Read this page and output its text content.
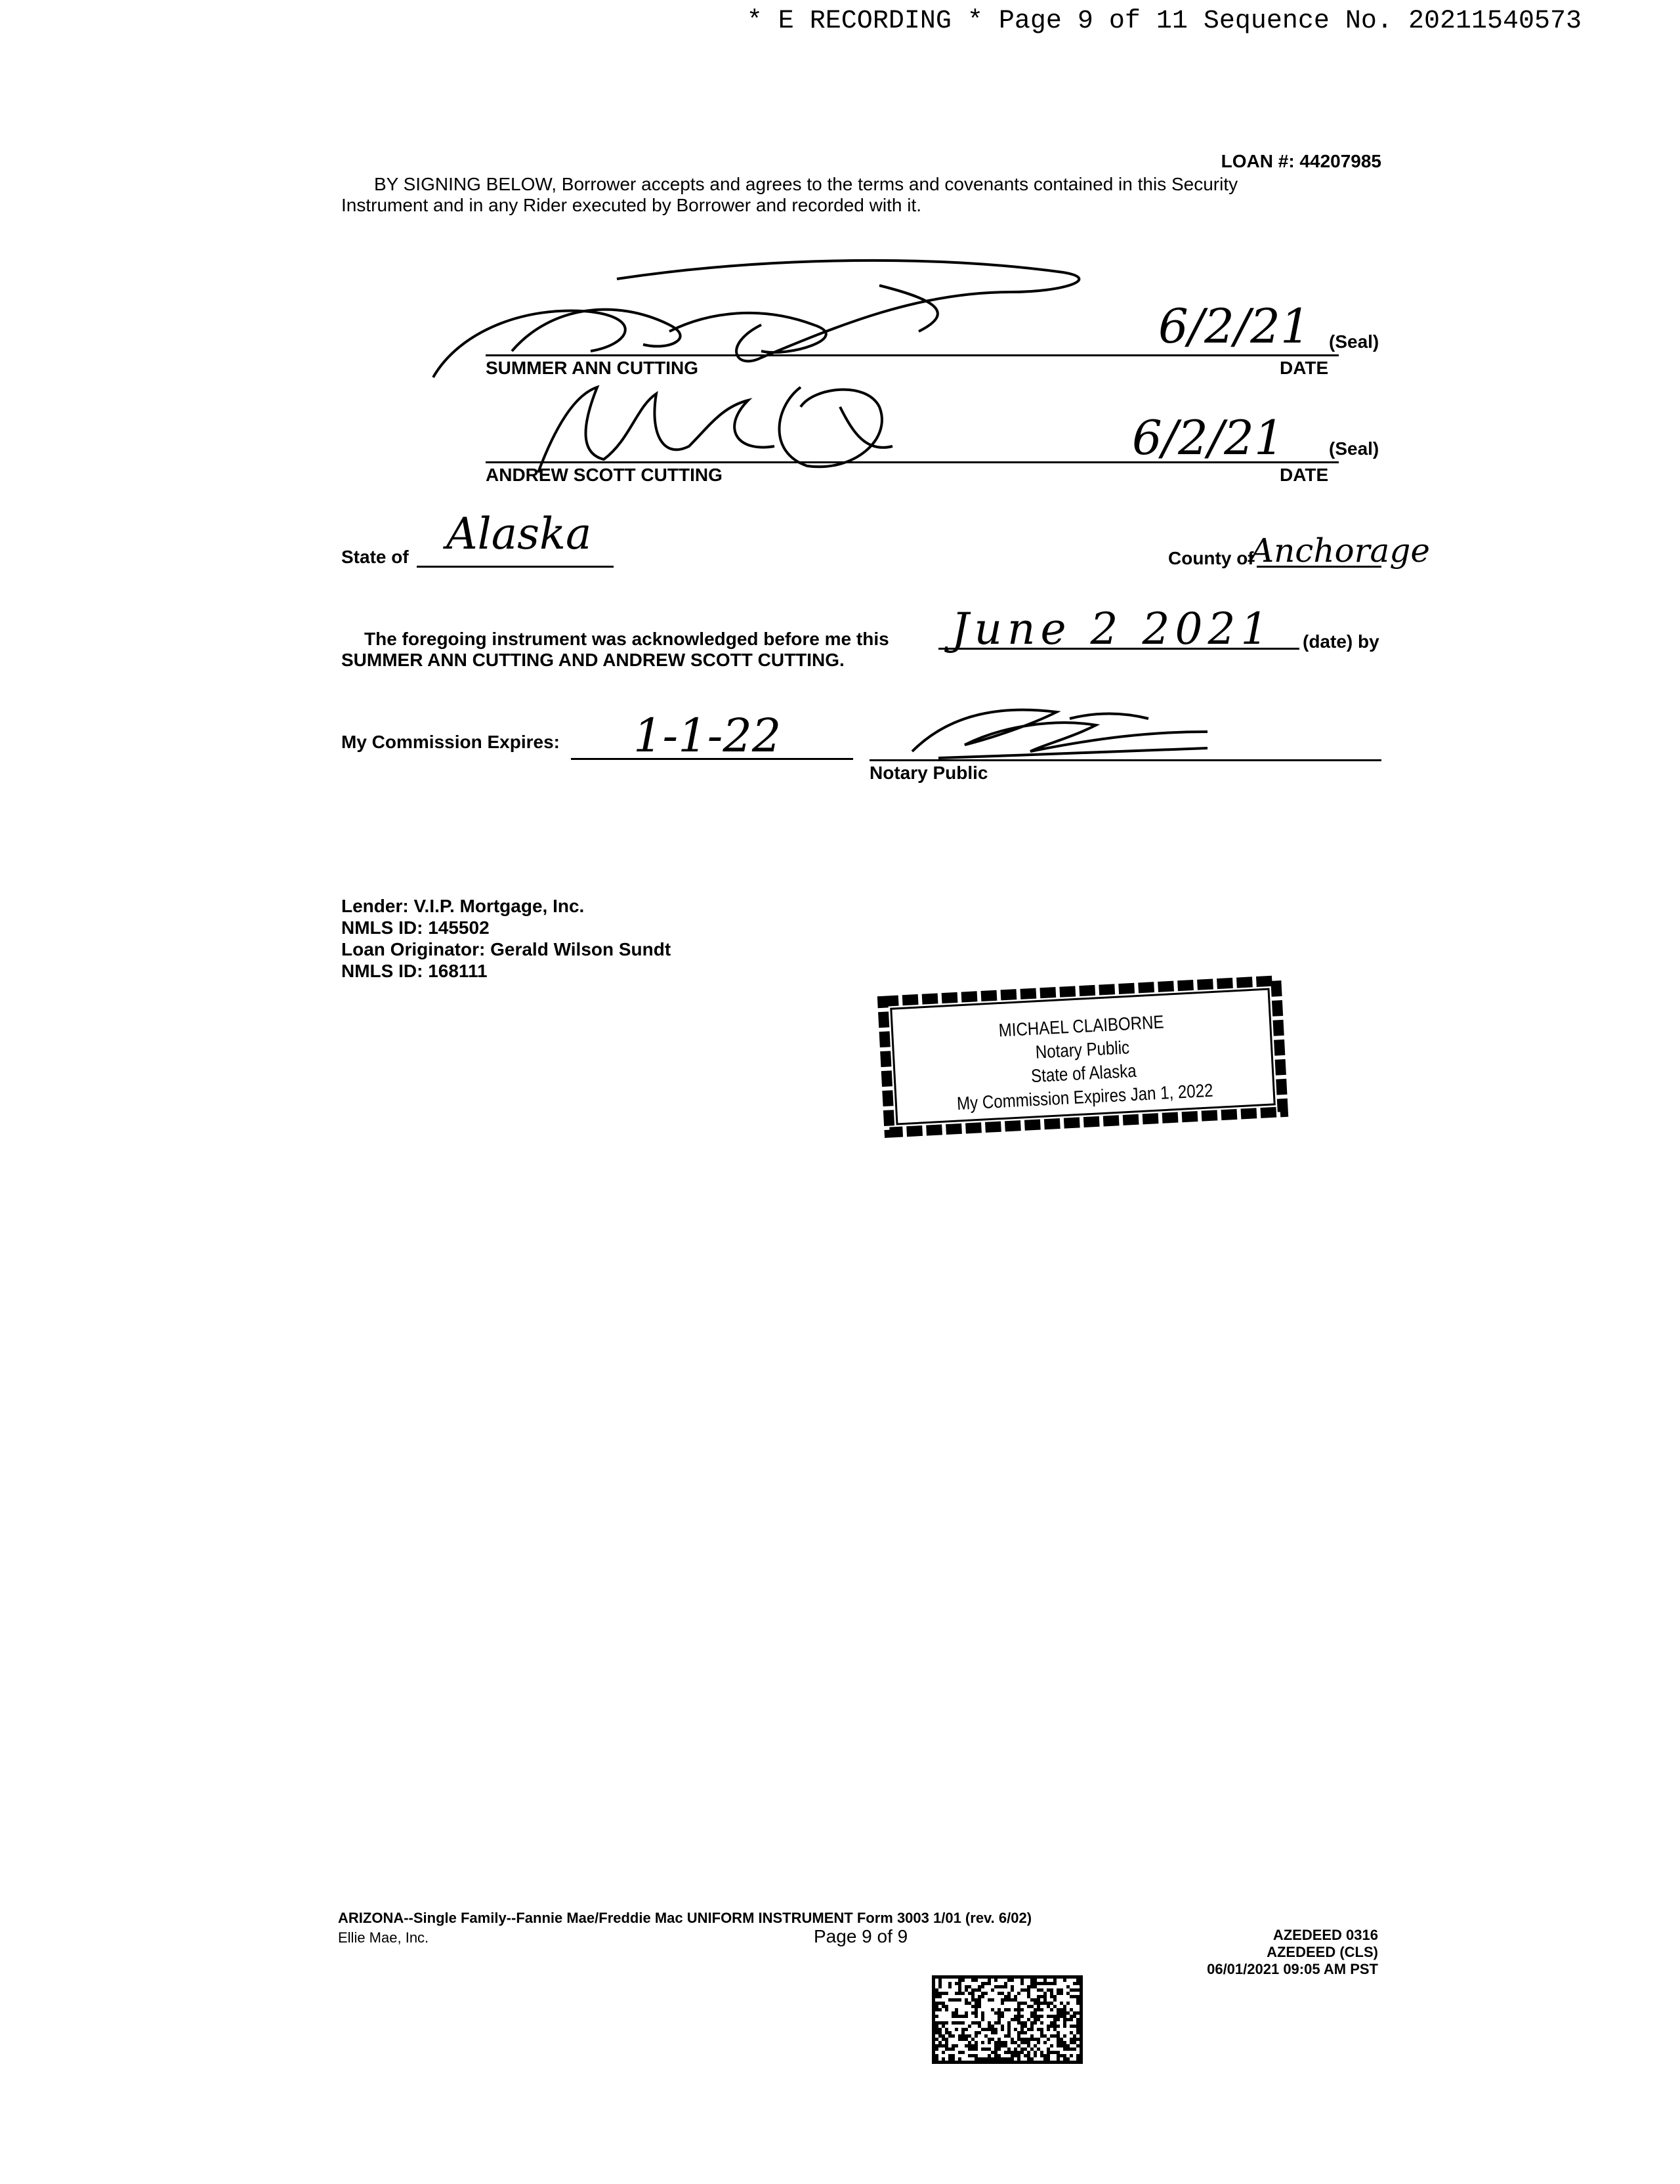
* E RECORDING * Page 9 of 11 Sequence No. 20211540573
LOAN #: 44207985
BY SIGNING BELOW, Borrower accepts and agrees to the terms and covenants contained in this Security
Instrument and in any Rider executed by Borrower and recorded with it.
6/2/21
SUMMER ANN CUTTING	DATE
(Seal)
6/2/21
ANDREW SCOTT CUTTING	DATE
(Seal)
State of Alaska	County of
Anchorage
The foregoing instrument was acknowledged before me this June 2 2021 (date) by
SUMMER ANN CUTTING AND ANDREW SCOTT CUTTING.
My Commission Expires: 1-1-22
Notary Public
Lender: V.I.P. Mortgage, Inc.
NMLS ID: 145502
Loan Originator: Gerald Wilson Sundt
NMLS ID: 168111
MICHAEL CLAIBORNE
Notary Public
State of Alaska
My Commission Expires Jan 1, 2022
ARIZONA--Single Family--Fannie Mae/Freddie Mac UNIFORM INSTRUMENT Form 3003 1/01 (rev. 6/02)
Ellie Mae, Inc.	Page 9 of 9	AZEDEED 0316
AZEDEED (CLS)
06/01/2021 09:05 AM PST
